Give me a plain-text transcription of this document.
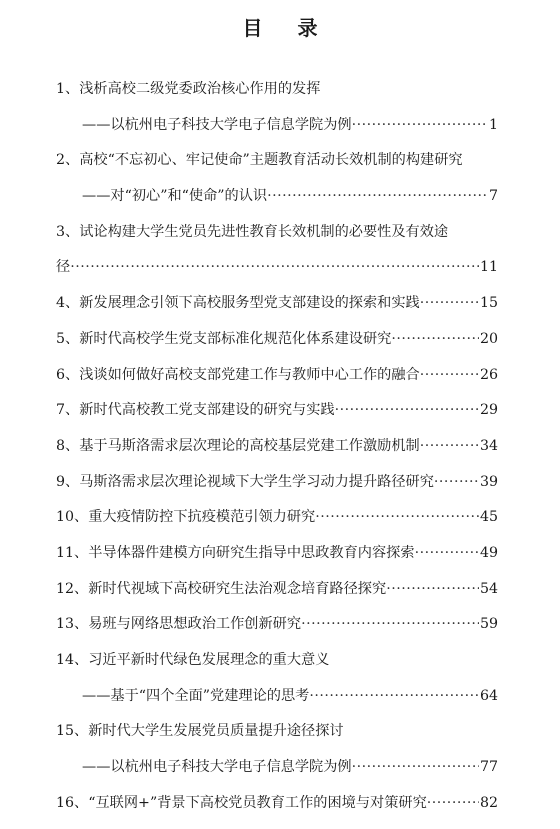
目 录
1、浅析高校二级党委政治核心作用的发挥
——以杭州电子科技大学电子信息学院为例 ·····	1
2、高校“不忘初心、牢记使命”主题教育活动长效机制的构建研究
——对“初心”和“使命”的认识 ·····	7
3、试论构建大学生党员先进性教育长效机制的必要性及有效途
径 ·····	11
4、新发展理念引领下高校服务型党支部建设的探索和实践 ·····	15
5、新时代高校学生党支部标准化规范化体系建设研究 ·····	20
6、浅谈如何做好高校支部党建工作与教师中心工作的融合 ·····	26
7、新时代高校教工党支部建设的研究与实践 ·····	29
8、基于马斯洛需求层次理论的高校基层党建工作激励机制 ·····	34
9、马斯洛需求层次理论视域下大学生学习动力提升路径研究 ·····	39
10、重大疫情防控下抗疫模范引领力研究 ·····	45
11、半导体器件建模方向研究生指导中思政教育内容探索 ·····	49
12、新时代视域下高校研究生法治观念培育路径探究 ·····	54
13、易班与网络思想政治工作创新研究 ·····	59
14、习近平新时代绿色发展理念的重大意义
——基于“四个全面”党建理论的思考 ·····	64
15、新时代大学生发展党员质量提升途径探讨
——以杭州电子科技大学电子信息学院为例 ·····	77
16、“互联网+”背景下高校党员教育工作的困境与对策研究 ·····	82
